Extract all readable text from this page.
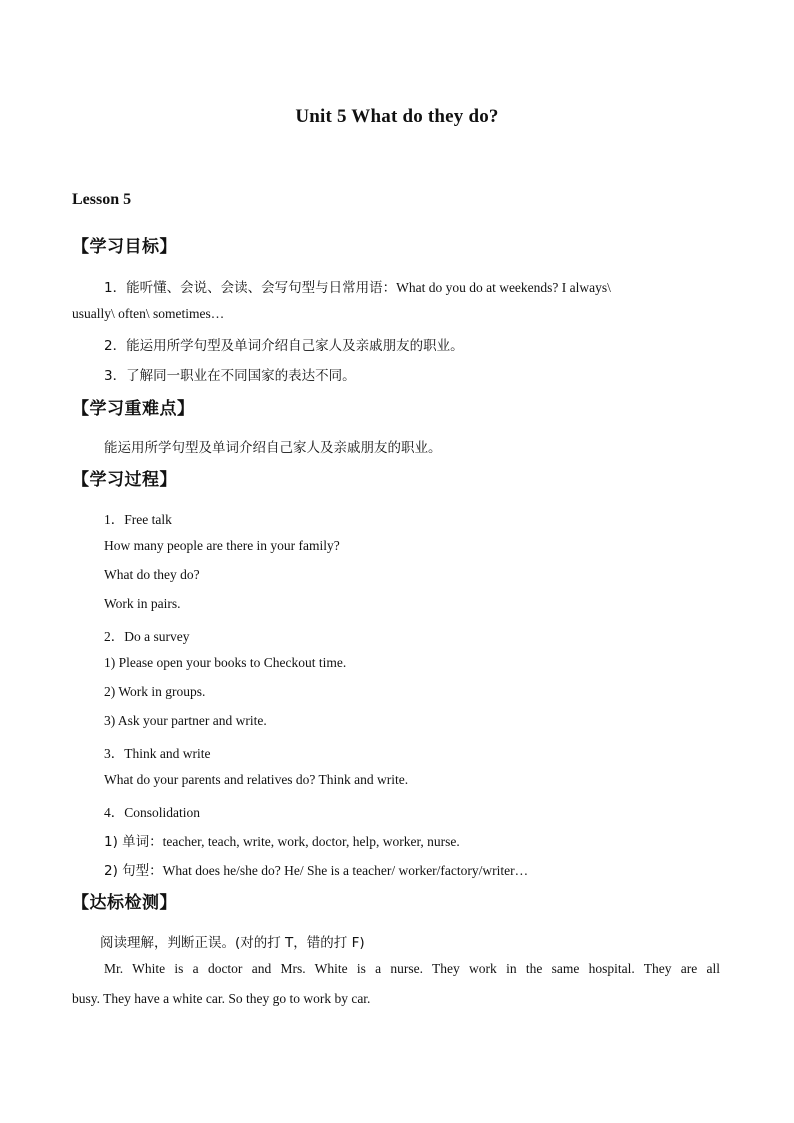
Unit 5 What do they do?
Lesson 5
【学习目标】
1．能听懂、会说、会读、会写句型与日常用语：What do you do at weekends? I always\
usually\ often\ sometimes…
2．能运用所学句型及单词介绍自己家人及亲戚朋友的职业。
3．了解同一职业在不同国家的表达不同。
【学习重难点】
能运用所学句型及单词介绍自己家人及亲戚朋友的职业。
【学习过程】
1．Free talk
How many people are there in your family?
What do they do?
Work in pairs.
2．Do a survey
1) Please open your books to Checkout time.
2) Work in groups.
3) Ask your partner and write.
3．Think and write
What do your parents and relatives do? Think and write.
4．Consolidation
1) 单词：teacher, teach, write, work, doctor, help, worker, nurse.
2) 句型：What does he/she do? He/ She is a teacher/ worker/factory/writer…
【达标检测】
阅读理解，判断正误。(对的打 T，错的打 F)
Mr. White is a doctor and Mrs. White is a nurse. They work in the same hospital. They are all
busy. They have a white car. So they go to work by car.
